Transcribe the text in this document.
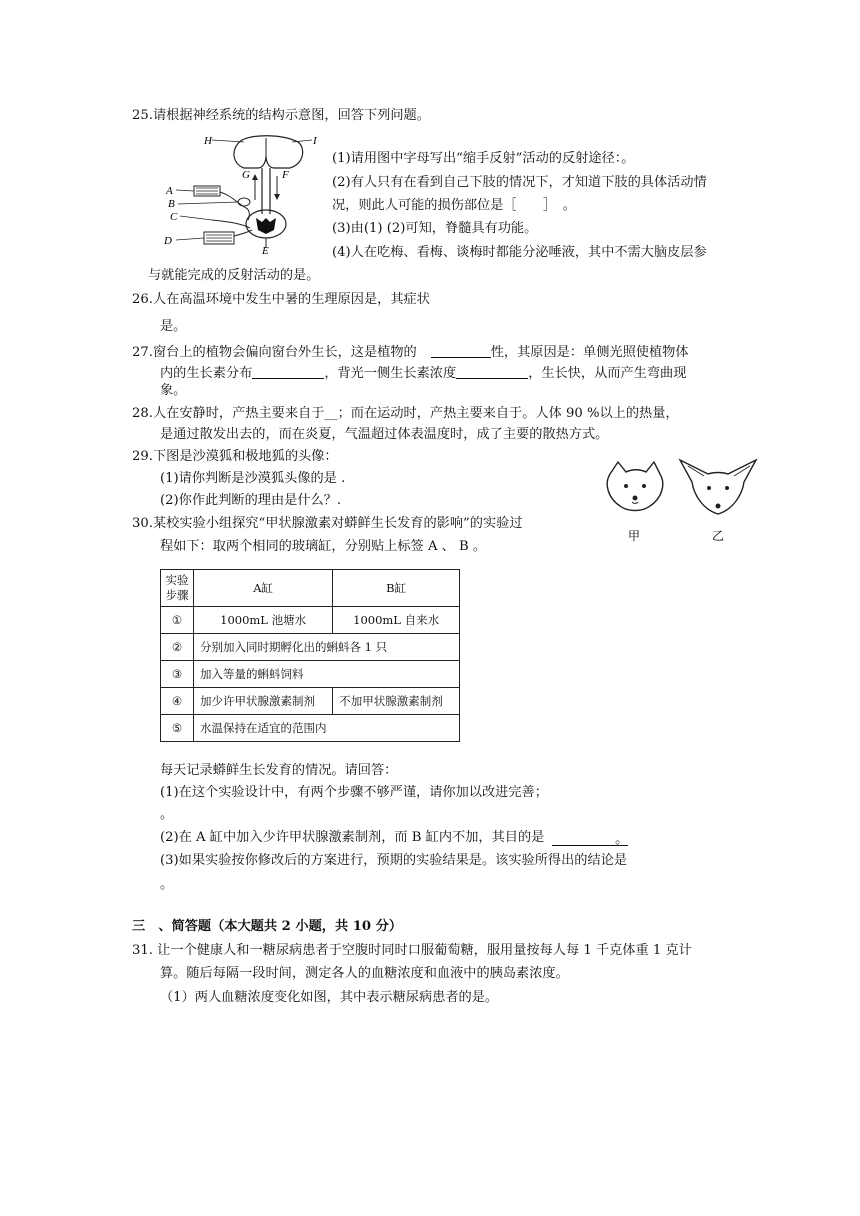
25.请根据神经系统的结构示意图，回答下列问题。
H	I
G	F
A
B
C
D
E
(1)请用图中字母写出“缩手反射”活动的反射途径：。
(2)有人只有在看到自己下肢的情况下，才知道下肢的具体活动情
况，则此人可能的损伤部位是［　　］　。
(3)由(1) (2)可知，脊髓具有功能。
(4)人在吃梅、看梅、谈梅时都能分泌唾液，其中不需大脑皮层参
与就能完成的反射活动的是。
26.人在高温环境中发生中暑的生理原因是，其症状
是。
27.窗台上的植物会偏向窗台外生长，这是植物的	性，其原因是：单侧光照使植物体
内的生长素分布	，背光一侧生长素浓度	，生长快，从而产生弯曲现
象。
28.人在安静时，产热主要来自于__；而在运动时，产热主要来自于。人体 90 %以上的热量，
是通过散发出去的，而在炎夏，气温超过体表温度时，成了主要的散热方式。
29.下图是沙漠狐和极地狐的头像：
(1)请你判断是沙漠狐头像的是 .
(2)你作此判断的理由是什么？.
甲	乙
30.某校实验小组探究“甲状腺激素对蟒鲜生长发育的影响”的实验过
程如下：取两个相同的玻璃缸，分别贴上标签 A 、 B 。
实验
步骤	A缸	B缸
①	1000mL 池塘水	1000mL 自来水
②	分别加入同时期孵化出的蝌蚪各 1 只	
③	加入等量的蝌蚪饲料	
④	加少许甲状腺激素制剂	不加甲状腺激素制剂
⑤	水温保持在适宜的范围内	
每天记录蟒鲜生长发育的情况。请回答：
(1)在这个实验设计中，有两个步骤不够严谨，请你加以改进完善；
。
(2)在 A 缸中加入少许甲状腺激素制剂，而 B 缸内不加，其目的是	。
(3)如果实验按你修改后的方案进行，预期的实验结果是。该实验所得出的结论是
。
三　、简答题（本大题共 2 小题，共 10 分）
31. 让一个健康人和一糖尿病患者于空腹时同时口服葡萄糖，服用量按每人每 1 千克体重 1 克计
算。随后每隔一段时间，测定各人的血糖浓度和血液中的胰岛素浓度。
（1）两人血糖浓度变化如图，其中表示糖尿病患者的是。
